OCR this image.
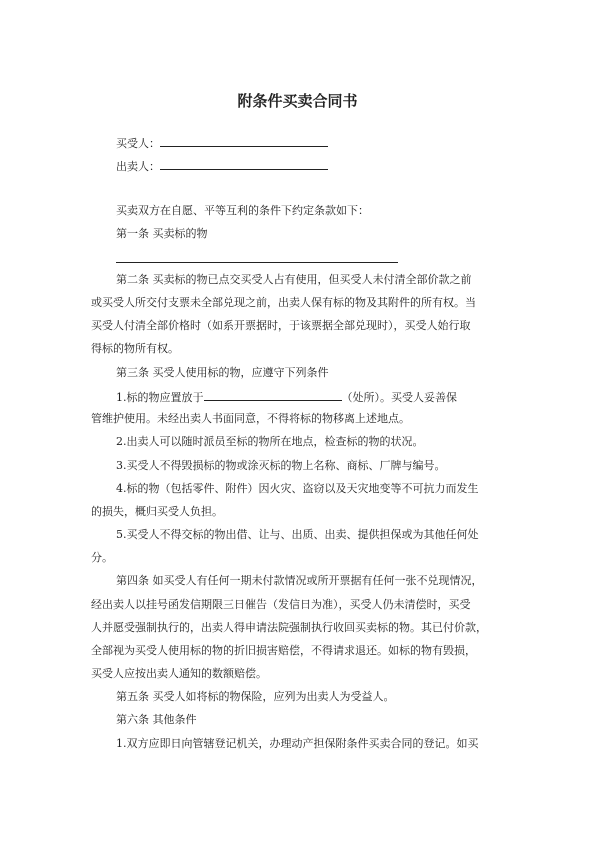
附条件买卖合同书
买受人：
出卖人：
买卖双方在自愿、平等互利的条件下约定条款如下：
第一条 买卖标的物
第二条 买卖标的物已点交买受人占有使用，但买受人未付清全部价款之前
或买受人所交付支票未全部兑现之前，出卖人保有标的物及其附件的所有权。当
买受人付清全部价格时（如系开票据时，于该票据全部兑现时），买受人始行取
得标的物所有权。
第三条 买受人使用标的物，应遵守下列条件
1.标的物应置放于	（处所）。买受人妥善保
管维护使用。未经出卖人书面同意，不得将标的物移离上述地点。
2.出卖人可以随时派员至标的物所在地点，检查标的物的状况。
3.买受人不得毁损标的物或涂灭标的物上名称、商标、厂牌与编号。
4.标的物（包括零件、附件）因火灾、盗窃以及天灾地变等不可抗力而发生
的损失，概归买受人负担。
5.买受人不得交标的物出借、让与、出质、出卖、提供担保或为其他任何处
分。
第四条 如买受人有任何一期未付款情况或所开票据有任何一张不兑现情况，
经出卖人以挂号函发信期限三日催告（发信日为准），买受人仍未清偿时，买受
人并愿受强制执行的，出卖人得申请法院强制执行收回买卖标的物。其已付价款，
全部视为买受人使用标的物的折旧损害赔偿，不得请求退还。如标的物有毁损，
买受人应按出卖人通知的数额赔偿。
第五条 买受人如将标的物保险，应列为出卖人为受益人。
第六条 其他条件
1.双方应即日向管辖登记机关，办理动产担保附条件买卖合同的登记。如买
